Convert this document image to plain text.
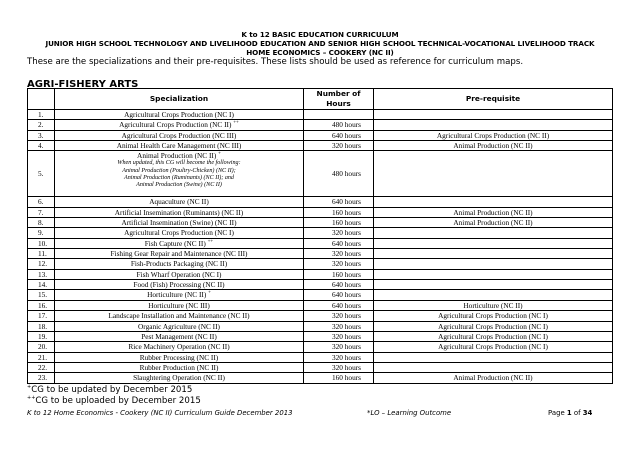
K to 12 BASIC EDUCATION CURRICULUM
JUNIOR HIGH SCHOOL TECHNOLOGY AND LIVELIHOOD EDUCATION AND SENIOR HIGH SCHOOL TECHNICAL-VOCATIONAL LIVELIHOOD TRACK
HOME ECONOMICS – COOKERY (NC II)
These are the specializations and their pre-requisites. These lists should be used as reference for curriculum maps.
AGRI-FISHERY ARTS
	Specialization	Number of Hours	Pre-requisite
1.	Agricultural Crops Production (NC I)		
2.	Agricultural Crops Production (NC II) ++	480 hours	
3.	Agricultural Crops Production (NC III)	640 hours	Agricultural Crops Production (NC II)
4.	Animal Health Care Management (NC III)	320 hours	Animal Production (NC II)
5.	Animal Production (NC II) +
When updated, this CG will become the following:
Animal Production (Poultry-Chicken) (NC II);
Animal Production (Ruminants) (NC II); and
Animal Production (Swine) (NC II)	480 hours	
6.	Aquaculture (NC II)	640 hours	
7.	Artificial Insemination (Ruminants) (NC II)	160 hours	Animal Production (NC II)
8.	Artificial Insemination (Swine) (NC II)	160 hours	Animal Production (NC II)
9.	Agricultural Crops Production (NC I)	320 hours	
10.	Fish Capture (NC II) ++	640 hours	
11.	Fishing Gear Repair and Maintenance (NC III)	320 hours	
12.	Fish-Products Packaging (NC II)	320 hours	
13.	Fish Wharf Operation (NC I)	160 hours	
14.	Food (Fish) Processing (NC II)	640 hours	
15.	Horticulture (NC II) +	640 hours	
16.	Horticulture (NC III)	640 hours	Horticulture (NC II)
17.	Landscape Installation and Maintenance (NC II)	320 hours	Agricultural Crops Production (NC I)
18.	Organic Agriculture (NC II)	320 hours	Agricultural Crops Production (NC I)
19.	Pest Management (NC II)	320 hours	Agricultural Crops Production (NC I)
20.	Rice Machinery Operation (NC II)	320 hours	Agricultural Crops Production (NC I)
21.	Rubber Processing (NC II)	320 hours	
22.	Rubber Production (NC II)	320 hours	
23.	Slaughtering Operation (NC II)	160 hours	Animal Production (NC II)
+CG to be updated by December 2015
++CG to be uploaded by December 2015
K to 12 Home Economics - Cookery (NC II) Curriculum Guide December 2013	*LO – Learning Outcome	Page 1 of 34
